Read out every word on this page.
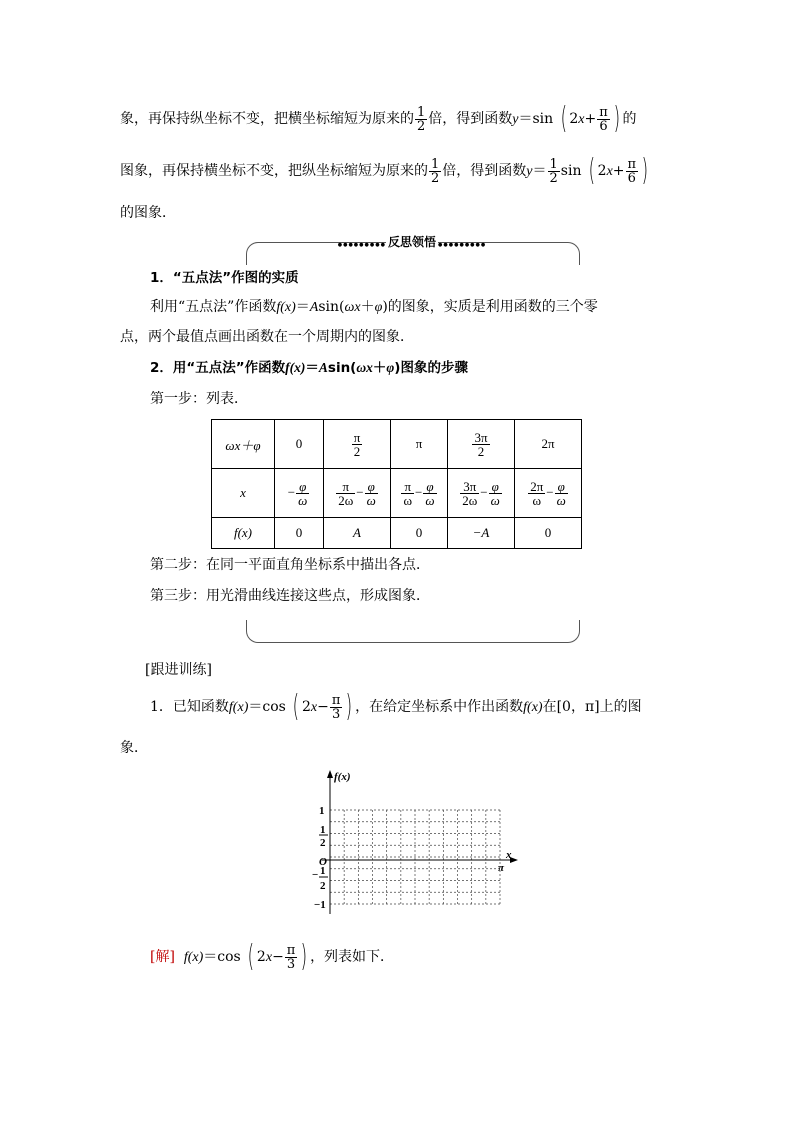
象，再保持纵坐标不变，把横坐标缩短为原来的 $\frac{1}{2}$ 倍，得到函数y＝sin ( $2x+ \frac{\pi}{6}$ ) 的
图象，再保持横坐标不变，把纵坐标缩短为原来的 $\frac{1}{2}$ 倍，得到函数$y= \frac{1}{2}$ sin ( $2x+ \frac{\pi}{6}$ )
的图象．
●●●●●●●●● 反思领悟 ●●●●●●●●●
1．“五点法”作图的实质
利用“五点法”作函数f(x)＝Asin(ωx＋φ)的图象，实质是利用函数的三个零
点，两个最值点画出函数在一个周期内的图象．
2．用“五点法”作函数f(x)＝Asin(ωx＋φ)图象的步骤
第一步：列表．
ωx＋φ	0	$\frac{\pi}{2}$	π	$\frac{3\pi}{2}$	2π
x	− $\frac{\varphi}{\omega}$	$\frac{\pi}{2\omega} - \frac{\varphi}{\omega}$	$\frac{\pi}{\omega} - \frac{\varphi}{\omega}$	$\frac{3\pi}{2\omega} - \frac{\varphi}{\omega}$	$\frac{2\pi}{\omega} - \frac{\varphi}{\omega}$

f(x)	0	A	0	−A	0
第二步：在同一平面直角坐标系中描出各点．
第三步：用光滑曲线连接这些点，形成图象．
[跟进训练]
1．已知函数f(x)＝cos ( $2x- \frac{\pi}{3}$ ) ，在给定坐标系中作出函数f(x)在[0，π]上的图
象．
f(x)
x
π
O
1
1
2
− 1
2
−1
[解] f(x)＝cos ( $2x- \frac{\pi}{3}$ ) ，列表如下．
